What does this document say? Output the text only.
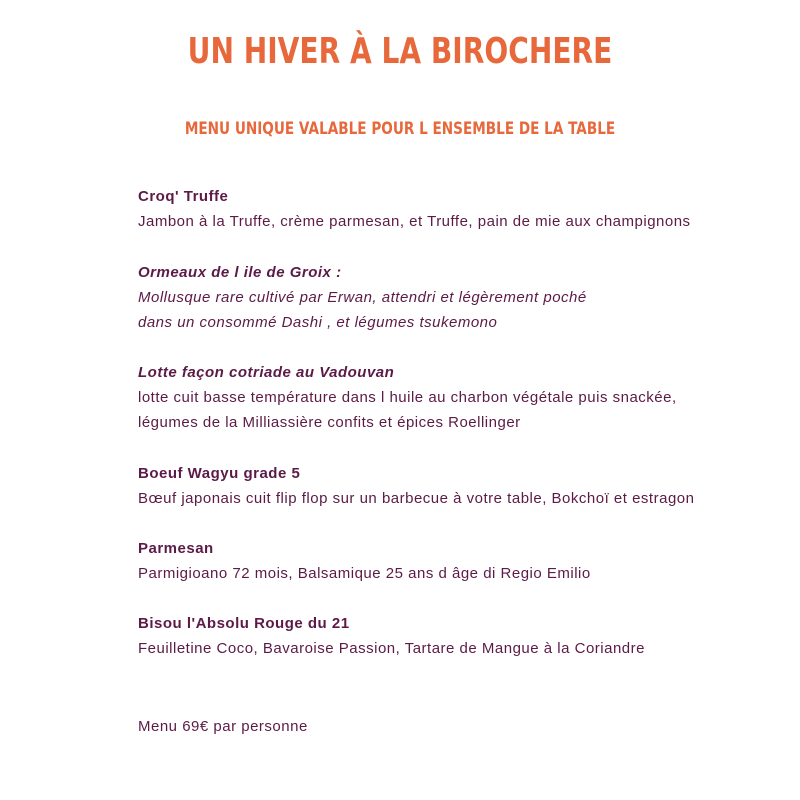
UN HIVER À LA BIROCHERE
MENU UNIQUE VALABLE POUR L ENSEMBLE DE LA TABLE

Croq' Truffe

Jambon à la Truffe, crème parmesan, et Truffe, pain de mie aux champignons

Ormeaux de l ile de Groix :

Mollusque rare cultivé par Erwan, attendri et légèrement poché

dans un consommé Dashi , et légumes tsukemono

Lotte façon cotriade au Vadouvan

lotte cuit basse température dans l huile au charbon végétale puis snackée,

légumes de la Milliassière confits et épices Roellinger

Boeuf Wagyu grade 5

Bœuf japonais cuit flip flop sur un barbecue à votre table, Bokchoï et estragon

Parmesan

Parmigioano 72 mois, Balsamique 25 ans d âge di Regio Emilio

Bisou l'Absolu Rouge du 21

Feuilletine Coco, Bavaroise Passion, Tartare de Mangue à la Coriandre

Menu 69€ par personne
